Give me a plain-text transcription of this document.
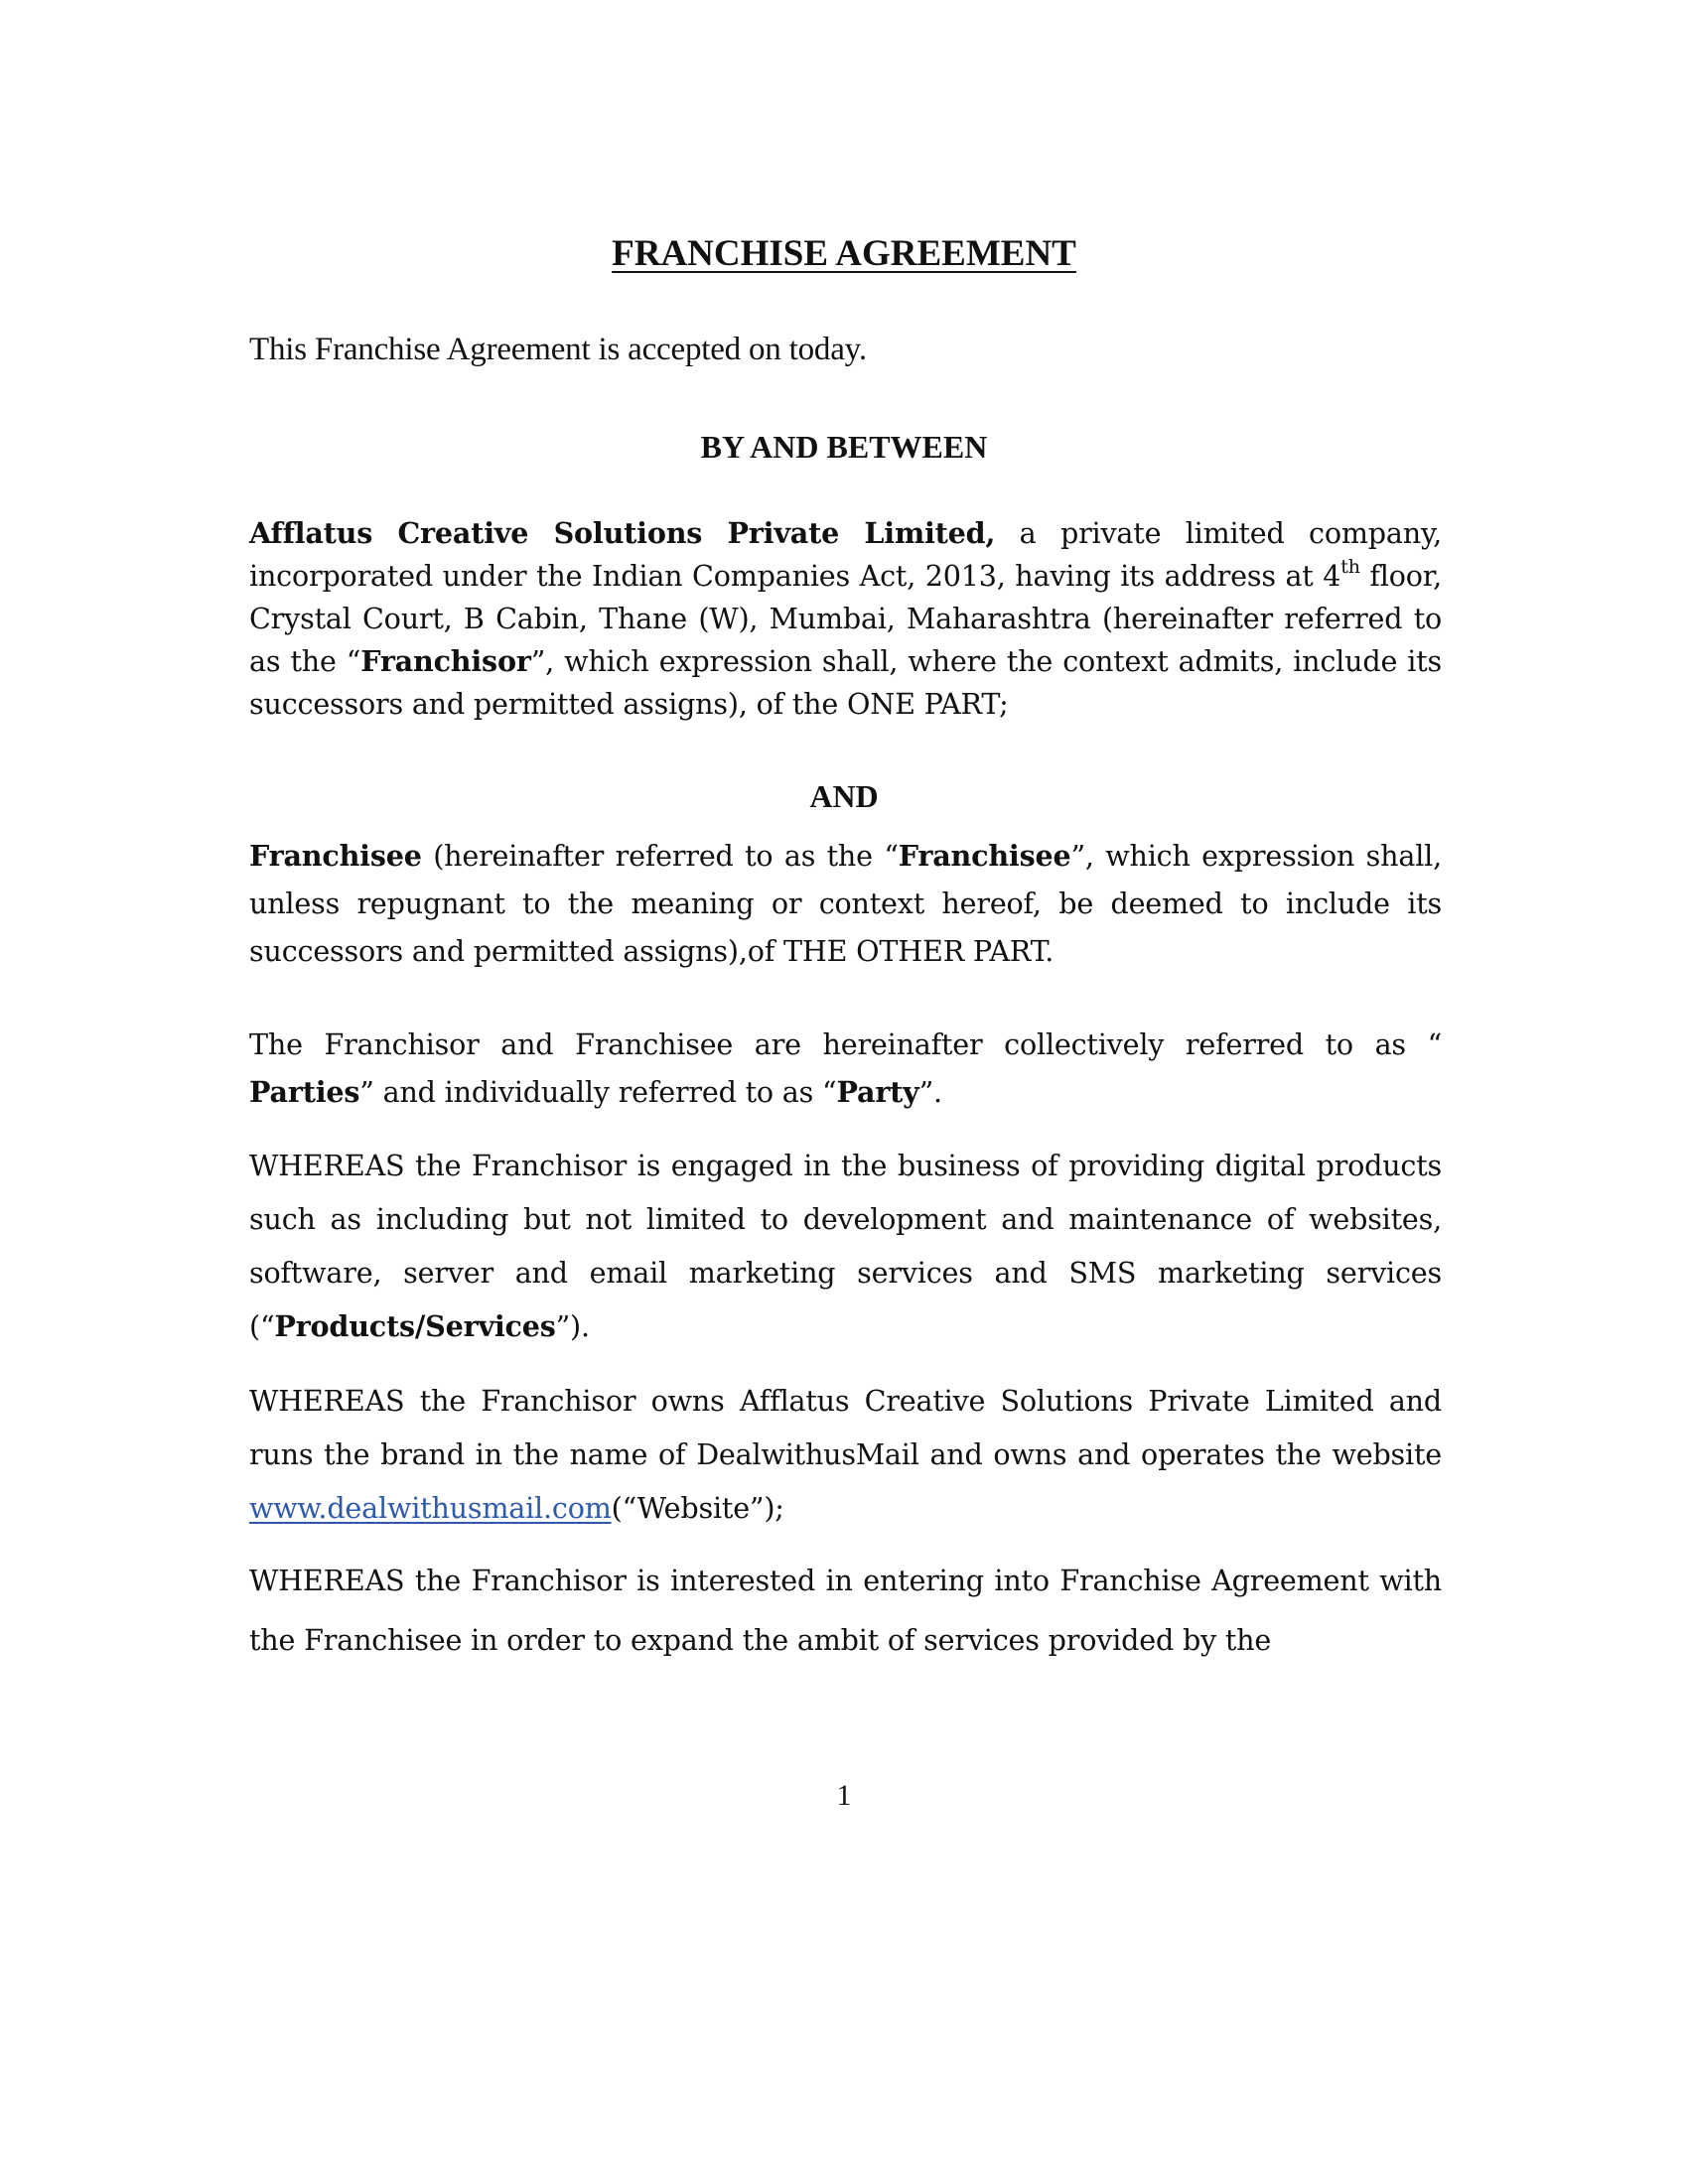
FRANCHISE AGREEMENT
This Franchise Agreement is accepted on today.
BY AND BETWEEN
Afflatus Creative Solutions Private Limited, a private limited company, incorporated under the Indian Companies Act, 2013, having its address at 4th floor, Crystal Court, B Cabin, Thane (W), Mumbai, Maharashtra (hereinafter referred to as the “Franchisor”, which expression shall, where the context admits, include its successors and permitted assigns), of the ONE PART;
AND
Franchisee (hereinafter referred to as the “Franchisee”, which expression shall, unless repugnant to the meaning or context hereof, be deemed to include its successors and permitted assigns),of THE OTHER PART.
The Franchisor and Franchisee are hereinafter collectively referred to as “ Parties” and individually referred to as “Party”.
WHEREAS the Franchisor is engaged in the business of providing digital products such as including but not limited to development and maintenance of websites, software, server and email marketing services and SMS marketing services (“Products/Services”).
WHEREAS the Franchisor owns Afflatus Creative Solutions Private Limited and runs the brand in the name of DealwithusMail and owns and operates the website www.dealwithusmail.com(“Website”);
WHEREAS the Franchisor is interested in entering into Franchise Agreement with the Franchisee in order to expand the ambit of services provided by the
1
